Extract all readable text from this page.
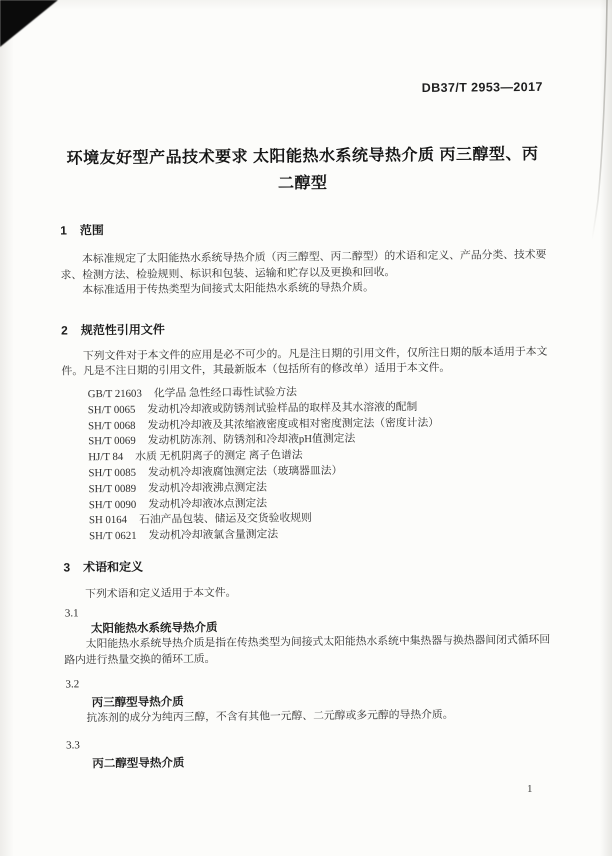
DB37/T 2953—2017
环境友好型产品技术要求 太阳能热水系统导热介质 丙三醇型、丙二醇型
1 范围

本标准规定了太阳能热水系统导热介质（丙三醇型、丙二醇型）的术语和定义、产品分类、技术要求、检测方法、检验规则、标识和包装、运输和贮存以及更换和回收。

本标准适用于传热类型为间接式太阳能热水系统的导热介质。

2 规范性引用文件

下列文件对于本文件的应用是必不可少的。凡是注日期的引用文件，仅所注日期的版本适用于本文件。凡是不注日期的引用文件，其最新版本（包括所有的修改单）适用于本文件。

GB/T 21603 化学品 急性经口毒性试验方法
SH/T 0065 发动机冷却液或防锈剂试验样品的取样及其水溶液的配制
SH/T 0068 发动机冷却液及其浓缩液密度或相对密度测定法（密度计法）
SH/T 0069 发动机防冻剂、防锈剂和冷却液pH值测定法
HJ/T 84 水质 无机阴离子的测定 离子色谱法
SH/T 0085 发动机冷却液腐蚀测定法（玻璃器皿法）
SH/T 0089 发动机冷却液沸点测定法
SH/T 0090 发动机冷却液冰点测定法
SH 0164 石油产品包装、储运及交货验收规则
SH/T 0621 发动机冷却液氯含量测定法
3 术语和定义

下列术语和定义适用于本文件。

3.1

太阳能热水系统导热介质

太阳能热水系统导热介质是指在传热类型为间接式太阳能热水系统中集热器与换热器间闭式循环回路内进行热量交换的循环工质。

3.2

丙三醇型导热介质

抗冻剂的成分为纯丙三醇，不含有其他一元醇、二元醇或多元醇的导热介质。

3.3

丙二醇型导热介质

1
